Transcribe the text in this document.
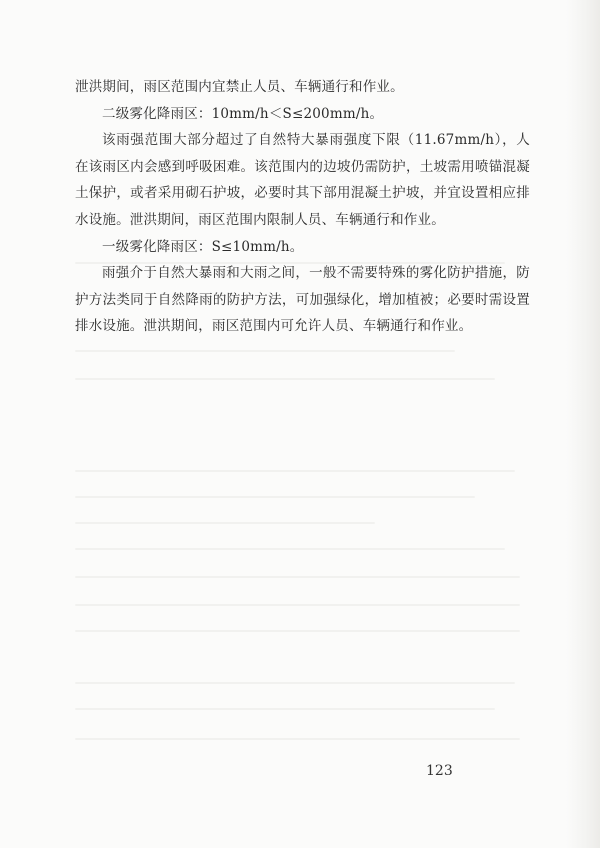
泄洪期间，雨区范围内宜禁止人员、车辆通行和作业。

二级雾化降雨区：10mm/h＜S≤200mm/h。

该雨强范围大部分超过了自然特大暴雨强度下限（11.67mm/h），人在该雨区内会感到呼吸困难。该范围内的边坡仍需防护，土坡需用喷锚混凝土保护，或者采用砌石护坡，必要时其下部用混凝土护坡，并宜设置相应排水设施。泄洪期间，雨区范围内限制人员、车辆通行和作业。

一级雾化降雨区：S≤10mm/h。

雨强介于自然大暴雨和大雨之间，一般不需要特殊的雾化防护措施，防护方法类同于自然降雨的防护方法，可加强绿化，增加植被；必要时需设置排水设施。泄洪期间，雨区范围内可允许人员、车辆通行和作业。

123
